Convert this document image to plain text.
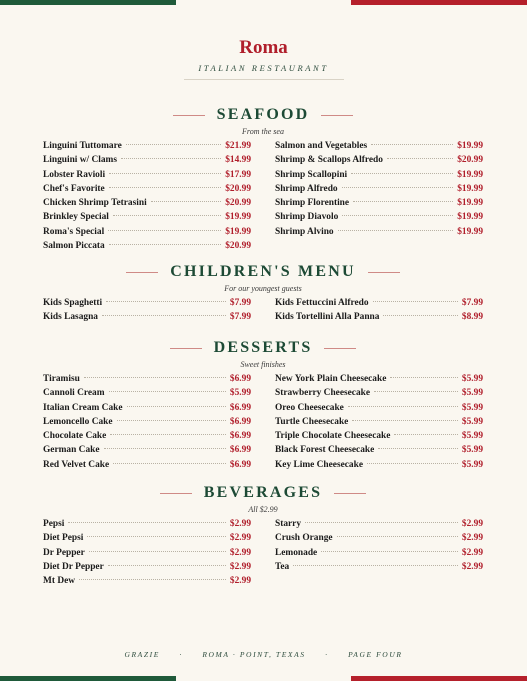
Roma
ITALIAN RESTAURANT
SEAFOOD
From the sea
Linguini Tuttomare	$21.99
Linguini w/ Clams	$14.99
Lobster Ravioli	$17.99
Chef's Favorite	$20.99
Chicken Shrimp Tetrasini	$20.99
Brinkley Special	$19.99
Roma's Special	$19.99
Salmon Piccata	$20.99
Salmon and Vegetables	$19.99
Shrimp & Scallops Alfredo	$20.99
Shrimp Scallopini	$19.99
Shrimp Alfredo	$19.99
Shrimp Florentine	$19.99
Shrimp Diavolo	$19.99
Shrimp Alvino	$19.99
CHILDREN'S MENU
For our youngest guests
Kids Spaghetti	$7.99
Kids Lasagna	$7.99
Kids Fettuccini Alfredo	$7.99
Kids Tortellini Alla Panna	$8.99
DESSERTS
Sweet finishes
Tiramisu	$6.99
Cannoli Cream	$5.99
Italian Cream Cake	$6.99
Lemoncello Cake	$6.99
Chocolate Cake	$6.99
German Cake	$6.99
Red Velvet Cake	$6.99
New York Plain Cheesecake	$5.99
Strawberry Cheesecake	$5.99
Oreo Cheesecake	$5.99
Turtle Cheesecake	$5.99
Triple Chocolate Cheesecake	$5.99
Black Forest Cheesecake	$5.99
Key Lime Cheesecake	$5.99
BEVERAGES
All $2.99
Pepsi	$2.99
Diet Pepsi	$2.99
Dr Pepper	$2.99
Diet Dr Pepper	$2.99
Mt Dew	$2.99
Starry	$2.99
Crush Orange	$2.99
Lemonade	$2.99
Tea	$2.99
GRAZIE	·	ROMA · POINT, TEXAS	·	PAGE FOUR
